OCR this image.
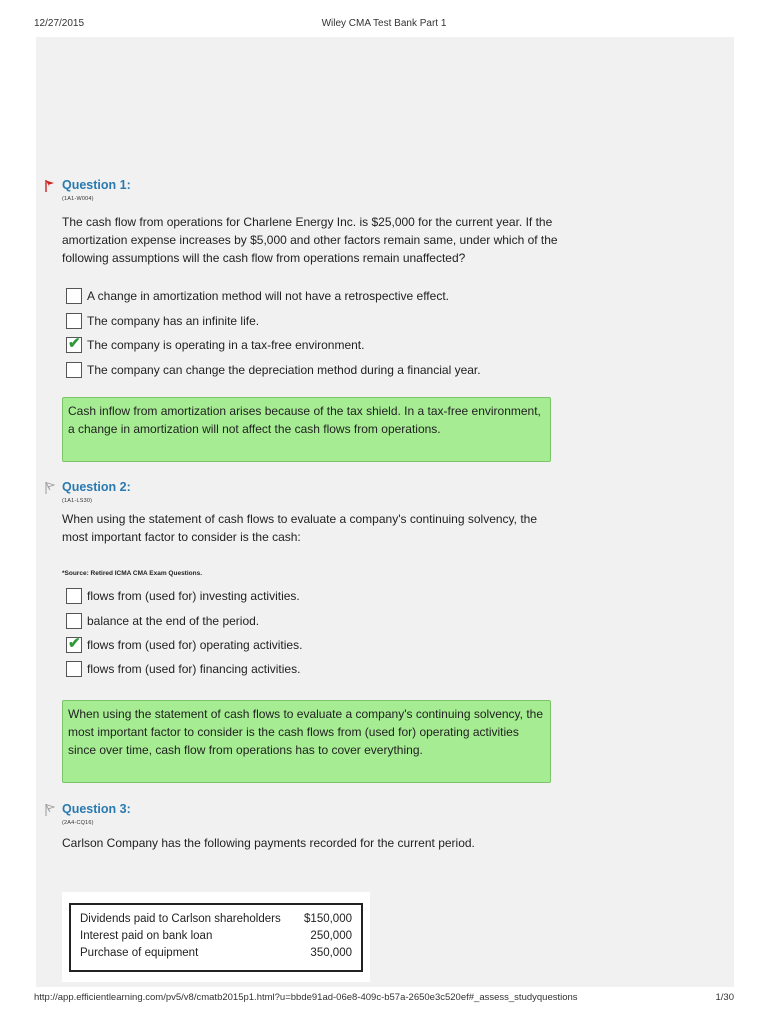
12/27/2015	Wiley CMA Test Bank Part 1
Question 1:
(1A1-W004)
The cash flow from operations for Charlene Energy Inc. is $25,000 for the current year. If the amortization expense increases by $5,000 and other factors remain same, under which of the following assumptions will the cash flow from operations remain unaffected?
A change in amortization method will not have a retrospective effect.
The company has an infinite life.
✔ The company is operating in a tax-free environment.
The company can change the depreciation method during a financial year.
Cash inflow from amortization arises because of the tax shield. In a tax-free environment, a change in amortization will not affect the cash flows from operations.
Question 2:
(1A1-LS30)
When using the statement of cash flows to evaluate a company's continuing solvency, the most important factor to consider is the cash:
*Source: Retired ICMA CMA Exam Questions.
flows from (used for) investing activities.
balance at the end of the period.
✔ flows from (used for) operating activities.
flows from (used for) financing activities.
When using the statement of cash flows to evaluate a company's continuing solvency, the most important factor to consider is the cash flows from (used for) operating activities since over time, cash flow from operations has to cover everything.
Question 3:
(2A4-CQ16)
Carlson Company has the following payments recorded for the current period.
Dividends paid to Carlson shareholders $150,000
Interest paid on bank loan	250,000
Purchase of equipment	350,000
http://app.efficientlearning.com/pv5/v8/cmatb2015p1.html?u=bbde91ad-06e8-409c-b57a-2650e3c520ef#_assess_studyquestions	1/30
